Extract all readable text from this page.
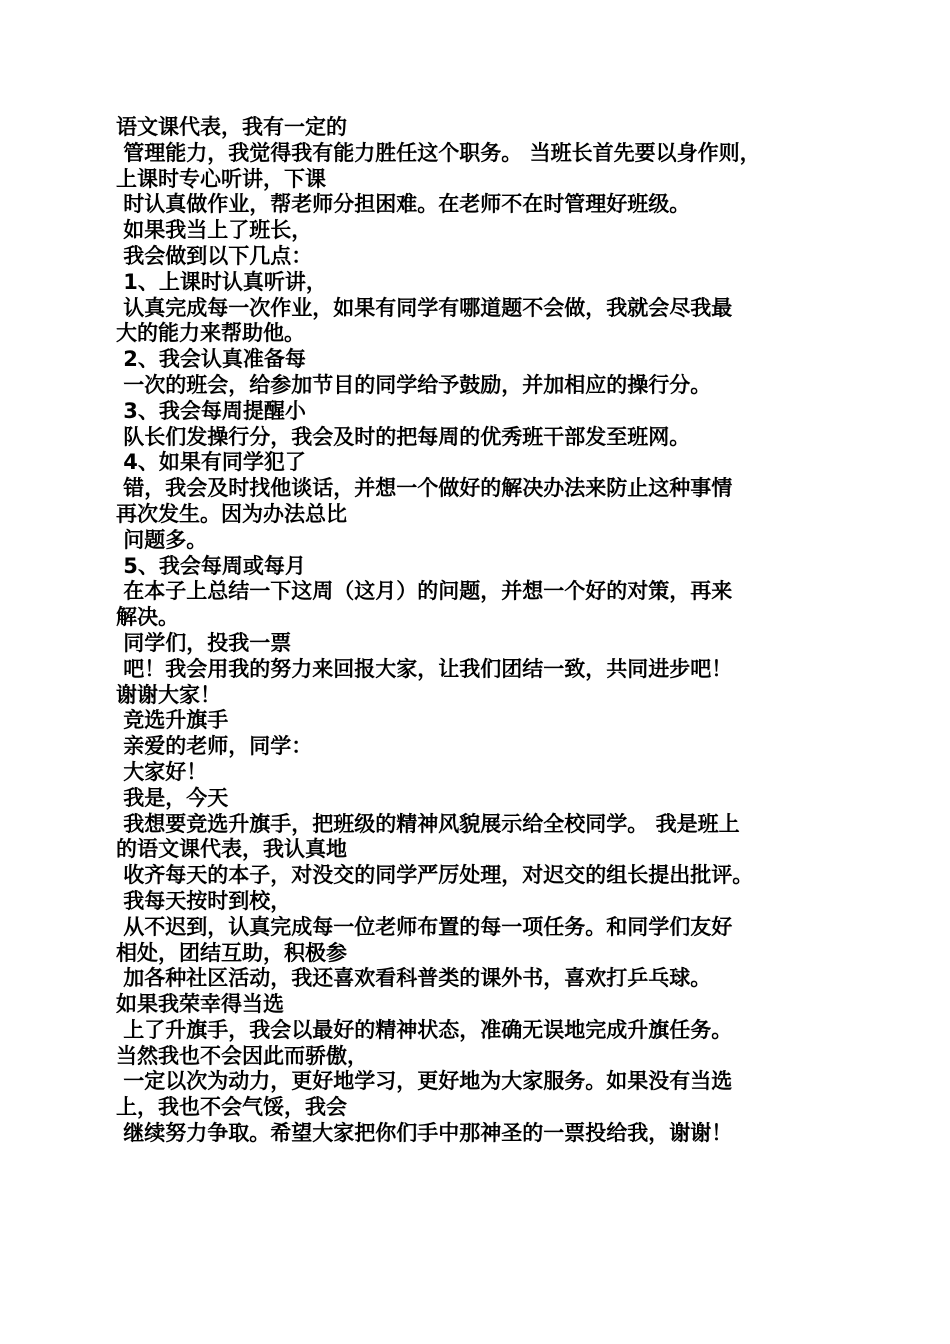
语文课代表，我有一定的
管理能力，我觉得我有能力胜任这个职务。 当班长首先要以身作则，
上课时专心听讲，下课
时认真做作业，帮老师分担困难。在老师不在时管理好班级。
如果我当上了班长，
我会做到以下几点：
1、上课时认真听讲，
认真完成每一次作业，如果有同学有哪道题不会做，我就会尽我最
大的能力来帮助他。
2、我会认真准备每
一次的班会，给参加节目的同学给予鼓励，并加相应的操行分。
3、我会每周提醒小
队长们发操行分，我会及时的把每周的优秀班干部发至班网。
4、如果有同学犯了
错，我会及时找他谈话，并想一个做好的解决办法来防止这种事情
再次发生。因为办法总比
问题多。
5、我会每周或每月
在本子上总结一下这周（这月）的问题，并想一个好的对策，再来
解决。
同学们，投我一票
吧！我会用我的努力来回报大家，让我们团结一致，共同进步吧！
谢谢大家！
竞选升旗手
亲爱的老师，同学：
大家好！
我是，今天
我想要竞选升旗手，把班级的精神风貌展示给全校同学。 我是班上
的语文课代表，我认真地
收齐每天的本子，对没交的同学严厉处理，对迟交的组长提出批评。
我每天按时到校，
从不迟到，认真完成每一位老师布置的每一项任务。和同学们友好
相处，团结互助，积极参
加各种社区活动，我还喜欢看科普类的课外书，喜欢打乒乓球。
如果我荣幸得当选
上了升旗手，我会以最好的精神状态，准确无误地完成升旗任务。
当然我也不会因此而骄傲，
一定以次为动力，更好地学习，更好地为大家服务。如果没有当选
上，我也不会气馁，我会
继续努力争取。希望大家把你们手中那神圣的一票投给我，谢谢！
